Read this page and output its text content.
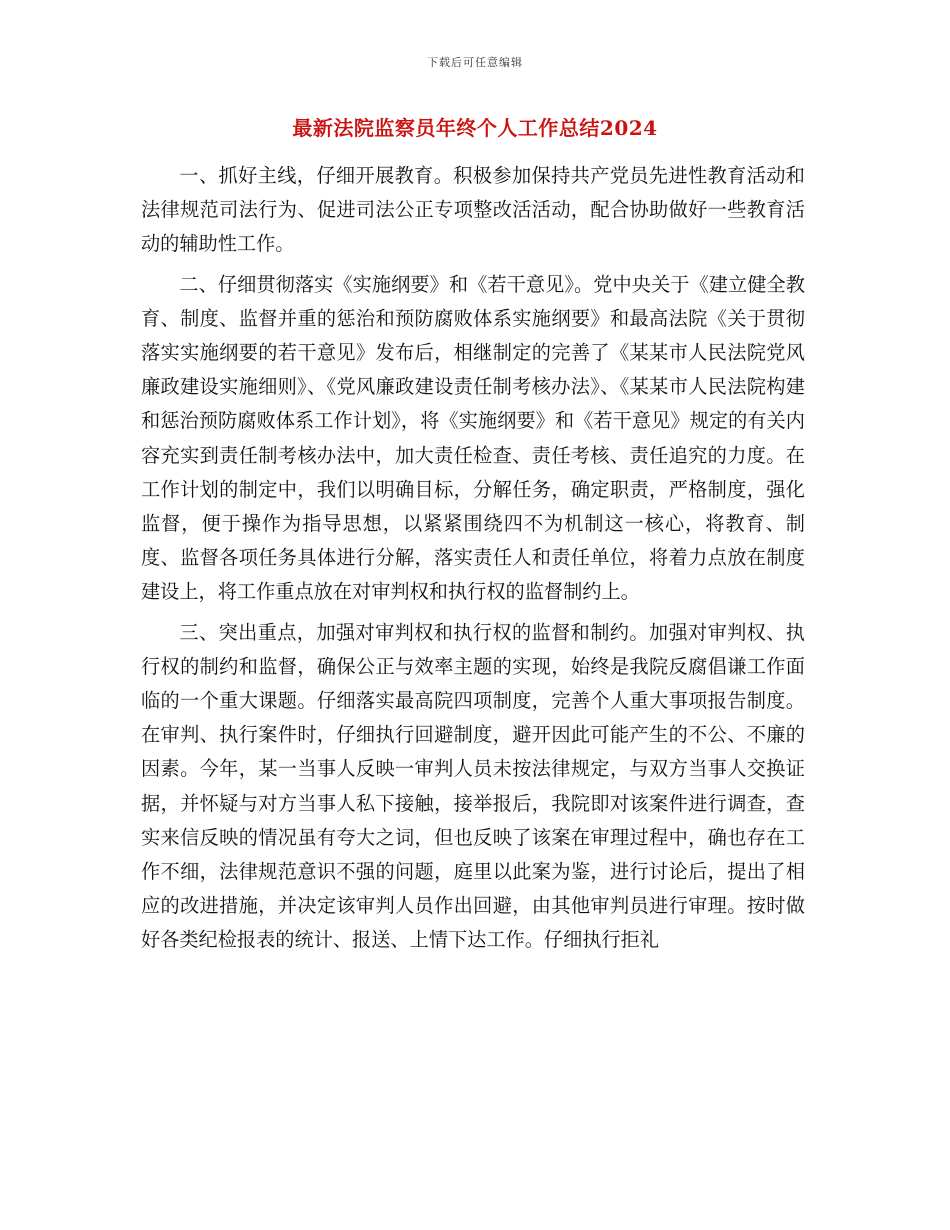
下载后可任意编辑
最新法院监察员年终个人工作总结2024

一、抓好主线，仔细开展教育。积极参加保持共产党员先进性教育活动和法律规范司法行为、促进司法公正专项整改活活动，配合协助做好一些教育活动的辅助性工作。

二、仔细贯彻落实《实施纲要》和《若干意见》。党中央关于《建立健全教育、制度、监督并重的惩治和预防腐败体系实施纲要》和最高法院《关于贯彻落实实施纲要的若干意见》发布后，相继制定的完善了《某某市人民法院党风廉政建设实施细则》、《党风廉政建设责任制考核办法》、《某某市人民法院构建和惩治预防腐败体系工作计划》，将《实施纲要》和《若干意见》规定的有关内容充实到责任制考核办法中，加大责任检查、责任考核、责任追究的力度。在工作计划的制定中，我们以明确目标，分解任务，确定职责，严格制度，强化监督，便于操作为指导思想，以紧紧围绕四不为机制这一核心，将教育、制度、监督各项任务具体进行分解，落实责任人和责任单位，将着力点放在制度建设上，将工作重点放在对审判权和执行权的监督制约上。

三、突出重点，加强对审判权和执行权的监督和制约。加强对审判权、执行权的制约和监督，确保公正与效率主题的实现，始终是我院反腐倡谦工作面临的一个重大课题。仔细落实最高院四项制度，完善个人重大事项报告制度。在审判、执行案件时，仔细执行回避制度，避开因此可能产生的不公、不廉的因素。今年，某一当事人反映一审判人员未按法律规定，与双方当事人交换证据，并怀疑与对方当事人私下接触，接举报后，我院即对该案件进行调查，查实来信反映的情况虽有夸大之词，但也反映了该案在审理过程中，确也存在工作不细，法律规范意识不强的问题，庭里以此案为鉴，进行讨论后，提出了相应的改进措施，并决定该审判人员作出回避，由其他审判员进行审理。按时做好各类纪检报表的统计、报送、上情下达工作。仔细执行拒礼
